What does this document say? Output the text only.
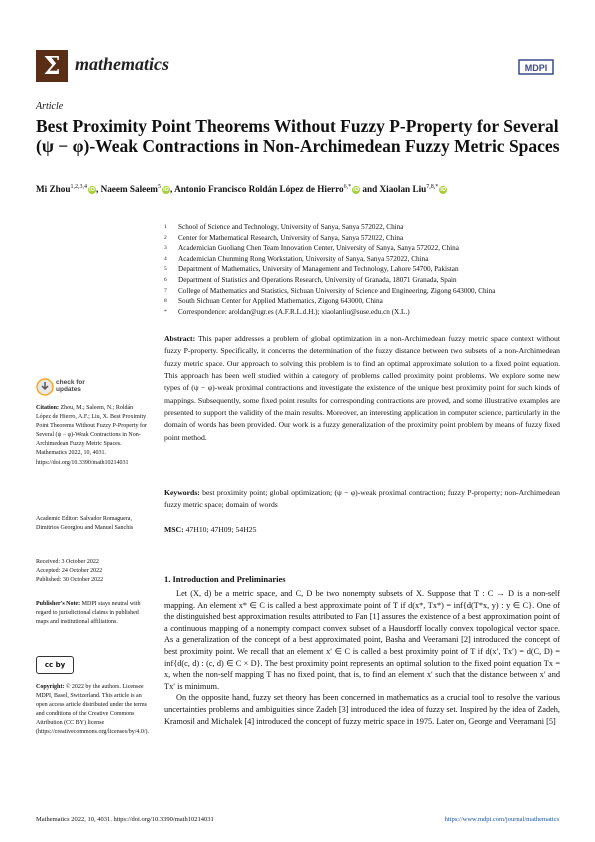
Σ mathematics	MDPI
Article
Best Proximity Point Theorems Without Fuzzy P-Property for Several (ψ − φ)-Weak Contractions in Non-Archimedean Fuzzy Metric Spaces
Mi Zhou$^{1,2,3,4}$ iD, Naeem Saleem$^5$ iD, Antonio Francisco Roldán López de Hierro$^{6,*}$ iD and Xiaolan Liu$^{7,8,*}$ iD
1	School of Science and Technology, University of Sanya, Sanya 572022, China
2	Center for Mathematical Research, University of Sanya, Sanya 572022, China
3	Academician Guoliang Chen Team Innovation Center, University of Sanya, Sanya 572022, China
4	Academician Chunming Rong Workstation, University of Sanya, Sanya 572022, China
5	Department of Mathematics, University of Management and Technology, Lahore 54700, Pakistan
6	Department of Statistics and Operations Research, University of Granada, 18071 Granada, Spain
7	College of Mathematics and Statistics, Sichuan University of Science and Engineering, Zigong 643000, China
8	South Sichuan Center for Applied Mathematics, Zigong 643000, China
*	Correspondence: aroldan@ugr.es (A.F.R.L.d.H.); xiaolanliu@suse.edu.cn (X.L.)
Abstract: This paper addresses a problem of global optimization in a non-Archimedean fuzzy metric space context without fuzzy P-property. Specifically, it concerns the determination of the fuzzy distance between two subsets of a non-Archimedean fuzzy metric space. Our approach to solving this problem is to find an optimal approximate solution to a fixed point equation. This approach has been well studied within a category of problems called proximity point problems. We explore some new types of (ψ − φ)-weak proximal contractions and investigate the existence of the unique best proximity point for such kinds of mappings. Subsequently, some fixed point results for corresponding contractions are proved, and some illustrative examples are presented to support the validity of the main results. Moreover, an interesting application in computer science, particularly in the domain of words has been provided. Our work is a fuzzy generalization of the proximity point problem by means of fuzzy fixed point method.
Keywords: best proximity point; global optimization; (ψ − φ)-weak proximal contraction; fuzzy P-property; non-Archimedean fuzzy metric space; domain of words
MSC: 47H10; 47H09; 54H25
check for
updates
Citation: Zhou, M.; Saleem, N.; Roldán López de Hierro, A.F.; Liu, X. Best Proximity Point Theorems Without Fuzzy P-Property for Several (ψ − φ)-Weak Contractions in Non-Archimedean Fuzzy Metric Spaces. Mathematics 2022, 10, 4031. https://doi.org/10.3390/math10214031
Academic Editor: Salvador Romaguera, Dimitrios Georgiou and Manuel Sanchis
Received: 3 October 2022
Accepted: 24 October 2022
Published: 30 October 2022
Publisher's Note: MDPI stays neutral with regard to jurisdictional claims in published maps and institutional affiliations.
cc by
Copyright: © 2022 by the authors. Licensee MDPI, Basel, Switzerland. This article is an open access article distributed under the terms and conditions of the Creative Commons Attribution (CC BY) license (https://creativecommons.org/licenses/by/4.0/).
1. Introduction and Preliminaries

Let (X, d) be a metric space, and C, D be two nonempty subsets of X. Suppose that T : C → D is a non-self mapping. An element x* ∈ C is called a best approximate point of T if d(x*, Tx*) = inf{d(T*x, y) : y ∈ C}. One of the distinguished best approximation results attributed to Fan [1] assures the existence of a best approximation point of a continuous mapping of a nonempty compact convex subset of a Hausdorff locally convex topological vector space. As a generalization of the concept of a best approximated point, Basha and Veeramani [2] introduced the concept of best proximity point. We recall that an element x′ ∈ C is called a best proximity point of T if d(x′, Tx′) = d(C, D) = inf{d(c, d) : (c, d) ∈ C × D}. The best proximity point represents an optimal solution to the fixed point equation Tx = x, when the non-self mapping T has no fixed point, that is, to find an element x′ such that the distance between x′ and Tx′ is minimum.

On the opposite hand, fuzzy set theory has been concerned in mathematics as a crucial tool to resolve the various uncertainties problems and ambiguities since Zadeh [3] introduced the idea of fuzzy set. Inspired by the idea of Zadeh, Kramosil and Michalek [4] introduced the concept of fuzzy metric space in 1975. Later on, George and Veeramani [5]

Mathematics 2022, 10, 4031. https://doi.org/10.3390/math10214031	https://www.mdpi.com/journal/mathematics
